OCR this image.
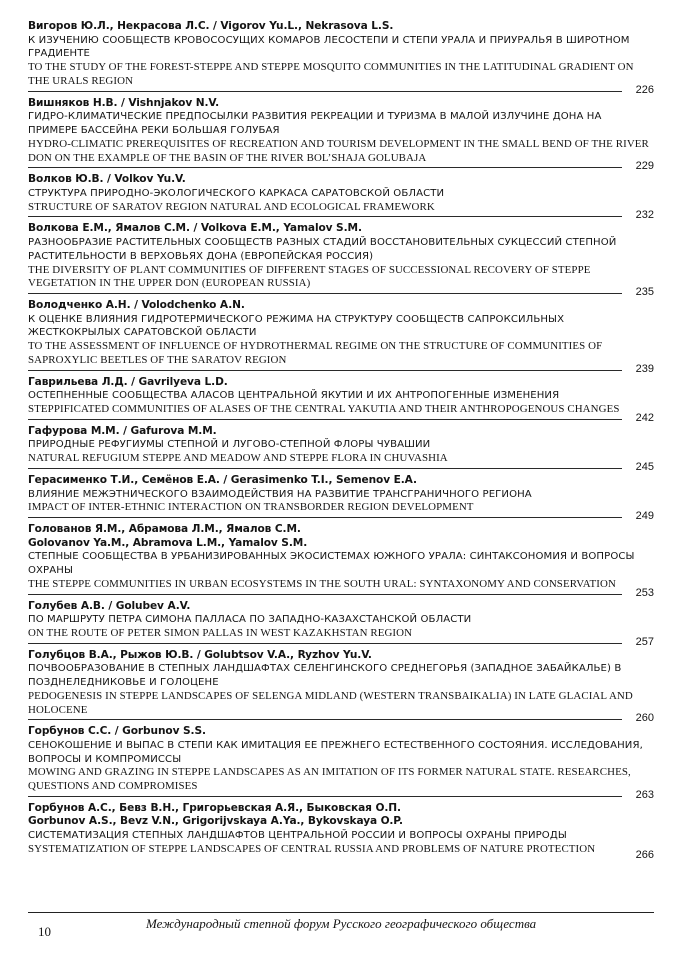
Вигоров Ю.Л., Некрасова Л.С. / Vigorov Yu.L., Nekrasova L.S.
К ИЗУЧЕНИЮ СООБЩЕСТВ КРОВОСОСУЩИХ КОМАРОВ ЛЕСОСТЕПИ И СТЕПИ УРАЛА И ПРИУРАЛЬЯ В ШИРОТНОМ ГРАДИЕНТЕ
TO THE STUDY OF THE FOREST-STEPPE AND STEPPE MOSQUITO COMMUNITIES IN THE LATITUDINAL GRADIENT ON THE URALS REGION
226
Вишняков Н.В. / Vishnjakov N.V.
ГИДРО-КЛИМАТИЧЕСКИЕ ПРЕДПОСЫЛКИ РАЗВИТИЯ РЕКРЕАЦИИ И ТУРИЗМА В МАЛОЙ ИЗЛУЧИНЕ ДОНА НА ПРИМЕРЕ БАССЕЙНА РЕКИ БОЛЬШАЯ ГОЛУБАЯ
HYDRO-CLIMATIC PREREQUISITES OF RECREATION AND TOURISM DEVELOPMENT IN THE SMALL BEND OF THE RIVER DON ON THE EXAMPLE OF THE BASIN OF THE RIVER BOL’SHAJA GOLUBAJA
229
Волков Ю.В. / Volkov Yu.V.
СТРУКТУРА ПРИРОДНО-ЭКОЛОГИЧЕСКОГО КАРКАСА САРАТОВСКОЙ ОБЛАСТИ
STRUCTURE OF SARATOV REGION NATURAL AND ECOLOGICAL FRAMEWORK
232
Волкова Е.М., Ямалов С.М. / Volkova E.M., Yamalov S.M.
РАЗНООБРАЗИЕ РАСТИТЕЛЬНЫХ СООБЩЕСТВ РАЗНЫХ СТАДИЙ ВОССТАНОВИТЕЛЬНЫХ СУКЦЕССИЙ СТЕПНОЙ РАСТИТЕЛЬНОСТИ В ВЕРХОВЬЯХ ДОНА (ЕВРОПЕЙСКАЯ РОССИЯ)
THE DIVERSITY OF PLANT COMMUNITIES OF DIFFERENT STAGES OF SUCCESSIONAL RECOVERY OF STEPPE VEGETATION IN THE UPPER DON (EUROPEAN RUSSIA)
235
Володченко А.Н. / Volodchenko A.N.
К ОЦЕНКЕ ВЛИЯНИЯ ГИДРОТЕРМИЧЕСКОГО РЕЖИМА НА СТРУКТУРУ СООБЩЕСТВ САПРОКСИЛЬНЫХ ЖЕСТКОКРЫЛЫХ САРАТОВСКОЙ ОБЛАСТИ
TO THE ASSESSMENT OF INFLUENCE OF HYDROTHERMAL REGIME ON THE STRUCTURE OF COMMUNITIES OF SAPROXYLIC BEETLES OF THE SARATOV REGION
239
Гаврильева Л.Д. / Gavrilyeva L.D.
ОСТЕПНЕННЫЕ СООБЩЕСТВА АЛАСОВ ЦЕНТРАЛЬНОЙ ЯКУТИИ И ИХ АНТРОПОГЕННЫЕ ИЗМЕНЕНИЯ
STEPPIFICATED COMMUNITIES OF ALASES OF THE CENTRAL YAKUTIA AND THEIR ANTHROPOGENOUS CHANGES
242
Гафурова М.М. / Gafurova M.M.
ПРИРОДНЫЕ РЕФУГИУМЫ СТЕПНОЙ И ЛУГОВО-СТЕПНОЙ ФЛОРЫ ЧУВАШИИ
NATURAL REFUGIUM STEPPE AND MEADOW AND STEPPE FLORA IN CHUVASHIA
245
Герасименко Т.И., Семёнов Е.А. / Gerasimenko T.I., Semenov E.A.
ВЛИЯНИЕ МЕЖЭТНИЧЕСКОГО ВЗАИМОДЕЙСТВИЯ НА РАЗВИТИЕ ТРАНСГРАНИЧНОГО РЕГИОНА
IMPACT OF INTER-ETHNIC INTERACTION ON TRANSBORDER REGION DEVELOPMENT
249
Голованов Я.М., Абрамова Л.М., Ямалов С.М.
Golovanov Ya.M., Abramova L.M., Yamalov S.M.
СТЕПНЫЕ СООБЩЕСТВА В УРБАНИЗИРОВАННЫХ ЭКОСИСТЕМАХ ЮЖНОГО УРАЛА: СИНТАКСОНОМИЯ И ВОПРОСЫ ОХРАНЫ
THE STEPPE COMMUNITIES IN URBAN ECOSYSTEMS IN THE SOUTH URAL: SYNTAXONOMY AND CONSERVATION
253
Голубев А.В. / Golubev A.V.
ПО МАРШРУТУ ПЕТРА СИМОНА ПАЛЛАСА ПО ЗАПАДНО-КАЗАХСТАНСКОЙ ОБЛАСТИ
ON THE ROUTE OF PETER SIMON PALLAS IN WEST KAZAKHSTAN REGION
257
Голубцов В.А., Рыжов Ю.В. / Golubtsov V.A., Ryzhov Yu.V.
ПОЧВООБРАЗОВАНИЕ В СТЕПНЫХ ЛАНДШАФТАХ СЕЛЕНГИНСКОГО СРЕДНЕГОРЬЯ (ЗАПАДНОЕ ЗАБАЙКАЛЬЕ) В ПОЗДНЕЛЕДНИКОВЬЕ И ГОЛОЦЕНЕ
PEDOGENESIS IN STEPPE LANDSCAPES OF SELENGA MIDLAND (WESTERN TRANSBAIKALIA) IN LATE GLACIAL AND HOLOCENE
260
Горбунов С.С. / Gorbunov S.S.
СЕНОКОШЕНИЕ И ВЫПАС В СТЕПИ КАК ИМИТАЦИЯ ЕЕ ПРЕЖНЕГО ЕСТЕСТВЕННОГО СОСТОЯНИЯ. ИССЛЕДОВАНИЯ, ВОПРОСЫ И КОМПРОМИССЫ
MOWING AND GRAZING IN STEPPE LANDSCAPES AS AN IMITATION OF ITS FORMER NATURAL STATE. RESEARCHES, QUESTIONS AND COMPROMISES
263
Горбунов А.С., Бевз В.Н., Григорьевская А.Я., Быковская О.П.
Gorbunov A.S., Bevz V.N., Grigorijvskaya A.Ya., Bykovskaya O.P.
СИСТЕМАТИЗАЦИЯ СТЕПНЫХ ЛАНДШАФТОВ ЦЕНТРАЛЬНОЙ РОССИИ И ВОПРОСЫ ОХРАНЫ ПРИРОДЫ
SYSTEMATIZATION OF STEPPE LANDSCAPES OF CENTRAL RUSSIA AND PROBLEMS OF NATURE PROTECTION	266
10
Международный степной форум Русского географического общества
